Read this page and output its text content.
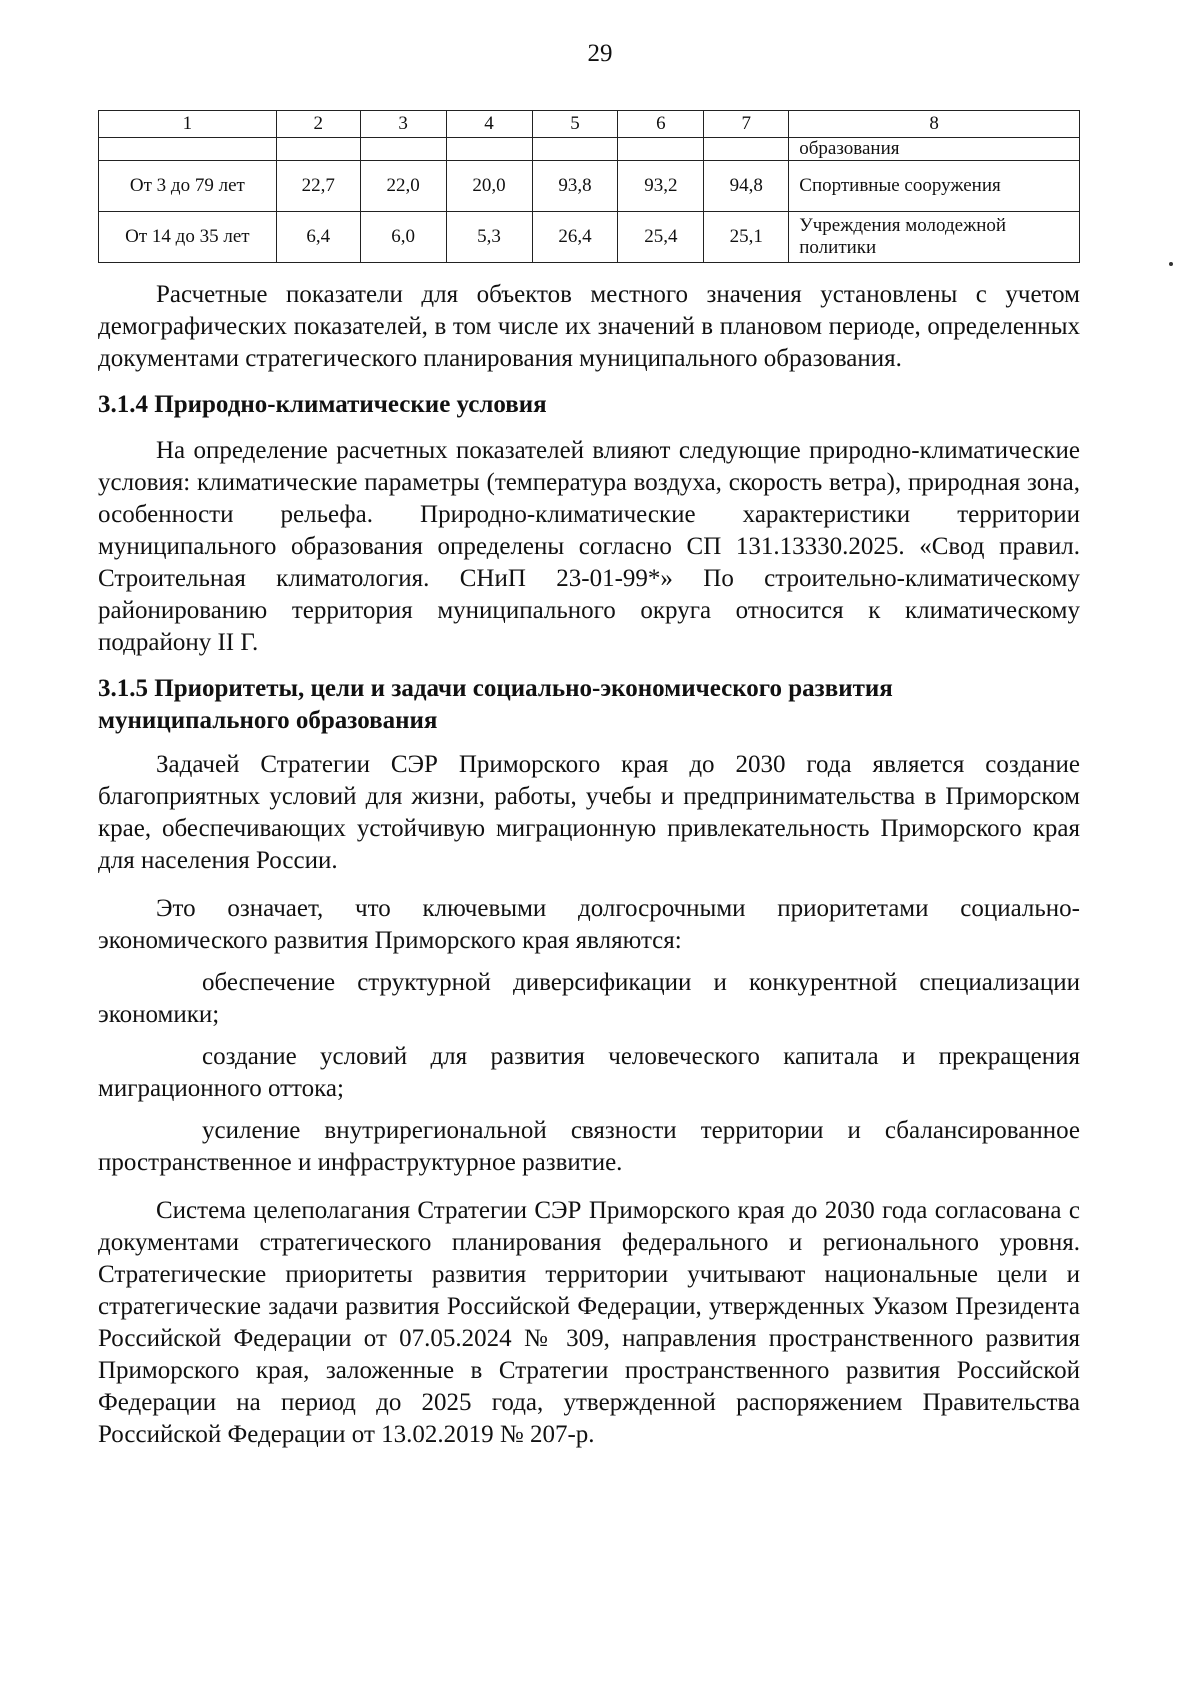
29
1	2	3	4	5	6	7	8
							образования
От 3 до 79 лет	22,7	22,0	20,0	93,8	93,2	94,8	Спортивные сооружения
От 14 до 35 лет	6,4	6,0	5,3	26,4	25,4	25,1	Учреждения молодежной политики

Расчетные показатели для объектов местного значения установлены с учетом демографических показателей, в том числе их значений в плановом периоде, определенных документами стратегического планирования муниципального образования.

3.1.4 Природно-климатические условия

На определение расчетных показателей влияют следующие природно-климатические условия: климатические параметры (температура воздуха, скорость ветра), природная зона, особенности рельефа. Природно-климатические характеристики территории муниципального образования определены согласно СП 131.13330.2025. «Свод правил. Строительная климатология. СНиП 23-01-99*» По строительно-климатическому районированию территория муниципального округа относится к климатическому подрайону II Г.

3.1.5 Приоритеты, цели и задачи социально-экономического развития муниципального образования

Задачей Стратегии СЭР Приморского края до 2030 года является создание благоприятных условий для жизни, работы, учебы и предпринимательства в Приморском крае, обеспечивающих устойчивую миграционную привлекательность Приморского края для населения России.

Это означает, что ключевыми долгосрочными приоритетами социально-экономического развития Приморского края являются:

обеспечение структурной диверсификации и конкурентной специализации экономики;

создание условий для развития человеческого капитала и прекращения миграционного оттока;

усиление внутрирегиональной связности территории и сбалансированное пространственное и инфраструктурное развитие.

Система целеполагания Стратегии СЭР Приморского края до 2030 года согласована с документами стратегического планирования федерального и регионального уровня. Стратегические приоритеты развития территории учитывают национальные цели и стратегические задачи развития Российской Федерации, утвержденных Указом Президента Российской Федерации от 07.05.2024 № 309, направления пространственного развития Приморского края, заложенные в Стратегии пространственного развития Российской Федерации на период до 2025 года, утвержденной распоряжением Правительства Российской Федерации от 13.02.2019 № 207-р.
